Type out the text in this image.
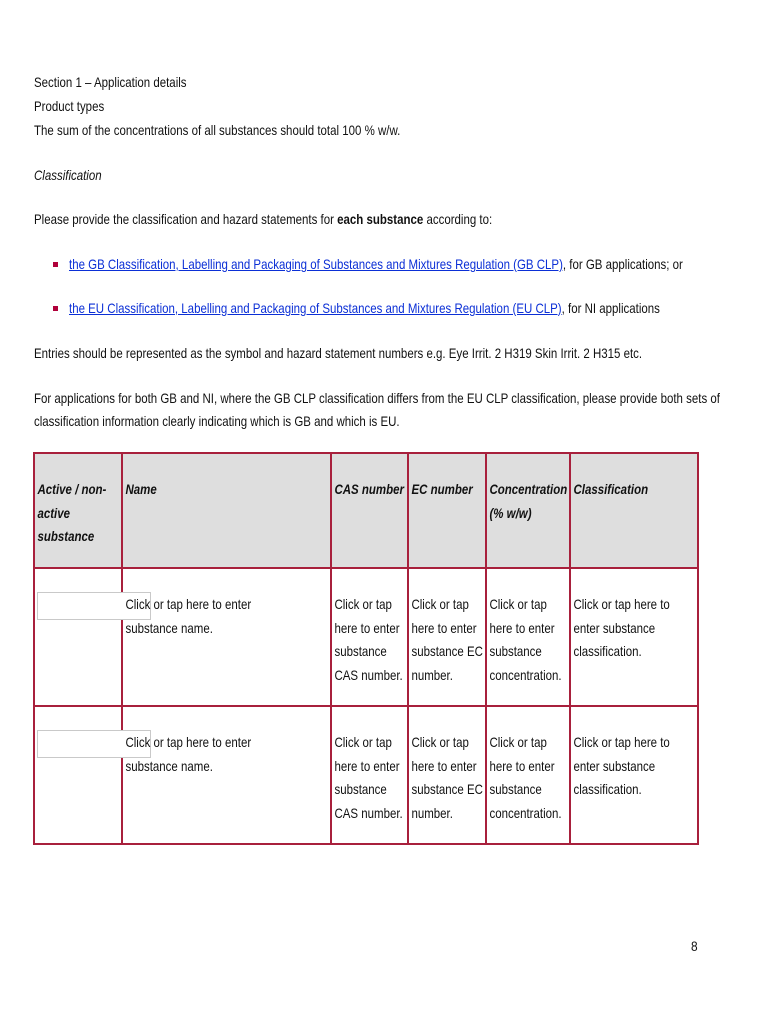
Section 1 – Application details
Product types
The sum of the concentrations of all substances should total 100 % w/w.
Classification
Please provide the classification and hazard statements for each substance according to:
the GB Classification, Labelling and Packaging of Substances and Mixtures Regulation (GB CLP), for GB applications; or
the EU Classification, Labelling and Packaging of Substances and Mixtures Regulation (EU CLP), for NI applications
Entries should be represented as the symbol and hazard statement numbers e.g. Eye Irrit. 2 H319 Skin Irrit. 2 H315 etc.
For applications for both GB and NI, where the GB CLP classification differs from the EU CLP classification, please provide both sets of
classification information clearly indicating which is GB and which is EU.
Active / non-active substance	Name	CAS number	EC number	Concentration (% w/w)	Classification

	Click or tap here to enter substance name.	Click or tap here to enter substance CAS number.	Click or tap here to enter substance EC number.	Click or tap here to enter substance concentration.	Click or tap here to enter substance classification.

	Click or tap here to enter substance name.	Click or tap here to enter substance CAS number.	Click or tap here to enter substance EC number.	Click or tap here to enter substance concentration.	Click or tap here to enter substance classification.
8
